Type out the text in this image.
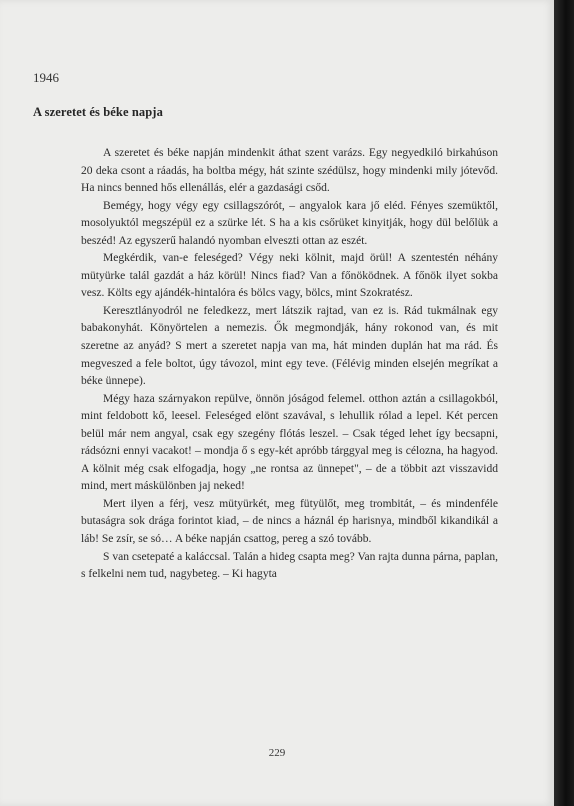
1946
A szeretet és béke napja

A szeretet és béke napján mindenkit áthat szent varázs. Egy negyedkiló birkahúson 20 deka csont a ráadás, ha boltba mégy, hát szinte szédülsz, hogy mindenki mily jótevőd. Ha nincs benned hős ellenállás, elér a gazdasági csőd.

Bemégy, hogy végy egy csillagszórót, – angyalok kara jő eléd. Fényes szemüktől, mosolyuktól megszépül ez a szürke lét. S ha a kis csőrüket kinyitják, hogy dül belőlük a beszéd! Az egyszerű halandó nyomban elveszti ottan az eszét.

Megkérdik, van-e feleséged? Végy neki kölnit, majd örül! A szentestén néhány mütyürke talál gazdát a ház körül! Nincs fiad? Van a főnöködnek. A főnök ilyet sokba vesz. Költs egy ajándék-hintalóra és bölcs vagy, bölcs, mint Szokratész.

Keresztlányodról ne feledkezz, mert látszik rajtad, van ez is. Rád tukmálnak egy babakonyhát. Könyörtelen a nemezis. Ők megmondják, hány rokonod van, és mit szeretne az anyád? S mert a szeretet napja van ma, hát minden duplán hat ma rád. És megveszed a fele boltot, úgy távozol, mint egy teve. (Félévig minden elsején megríkat a béke ünnepe).

Mégy haza szárnyakon repülve, önnön jóságod felemel. otthon aztán a csillagokból, mint feldobott kő, leesel. Feleséged elönt szavával, s lehullik rólad a lepel. Két percen belül már nem angyal, csak egy szegény flótás leszel. – Csak téged lehet így becsapni, rádsózni ennyi vacakot! – mondja ő s egy-két apróbb tárggyal meg is célozna, ha hagyod. A kölnit még csak elfogadja, hogy „ne rontsa az ünnepet", – de a többit azt visszavidd mind, mert máskülönben jaj neked!

Mert ilyen a férj, vesz mütyürkét, meg fütyülőt, meg trombitát, – és mindenféle butaságra sok drága forintot kiad, – de nincs a háznál ép harisnya, mindből kikandikál a láb! Se zsír, se só… A béke napján csattog, pereg a szó tovább.

S van csetepaté a kaláccsal. Talán a hideg csapta meg? Van rajta dunna párna, paplan, s felkelni nem tud, nagybeteg. – Ki hagyta

229
